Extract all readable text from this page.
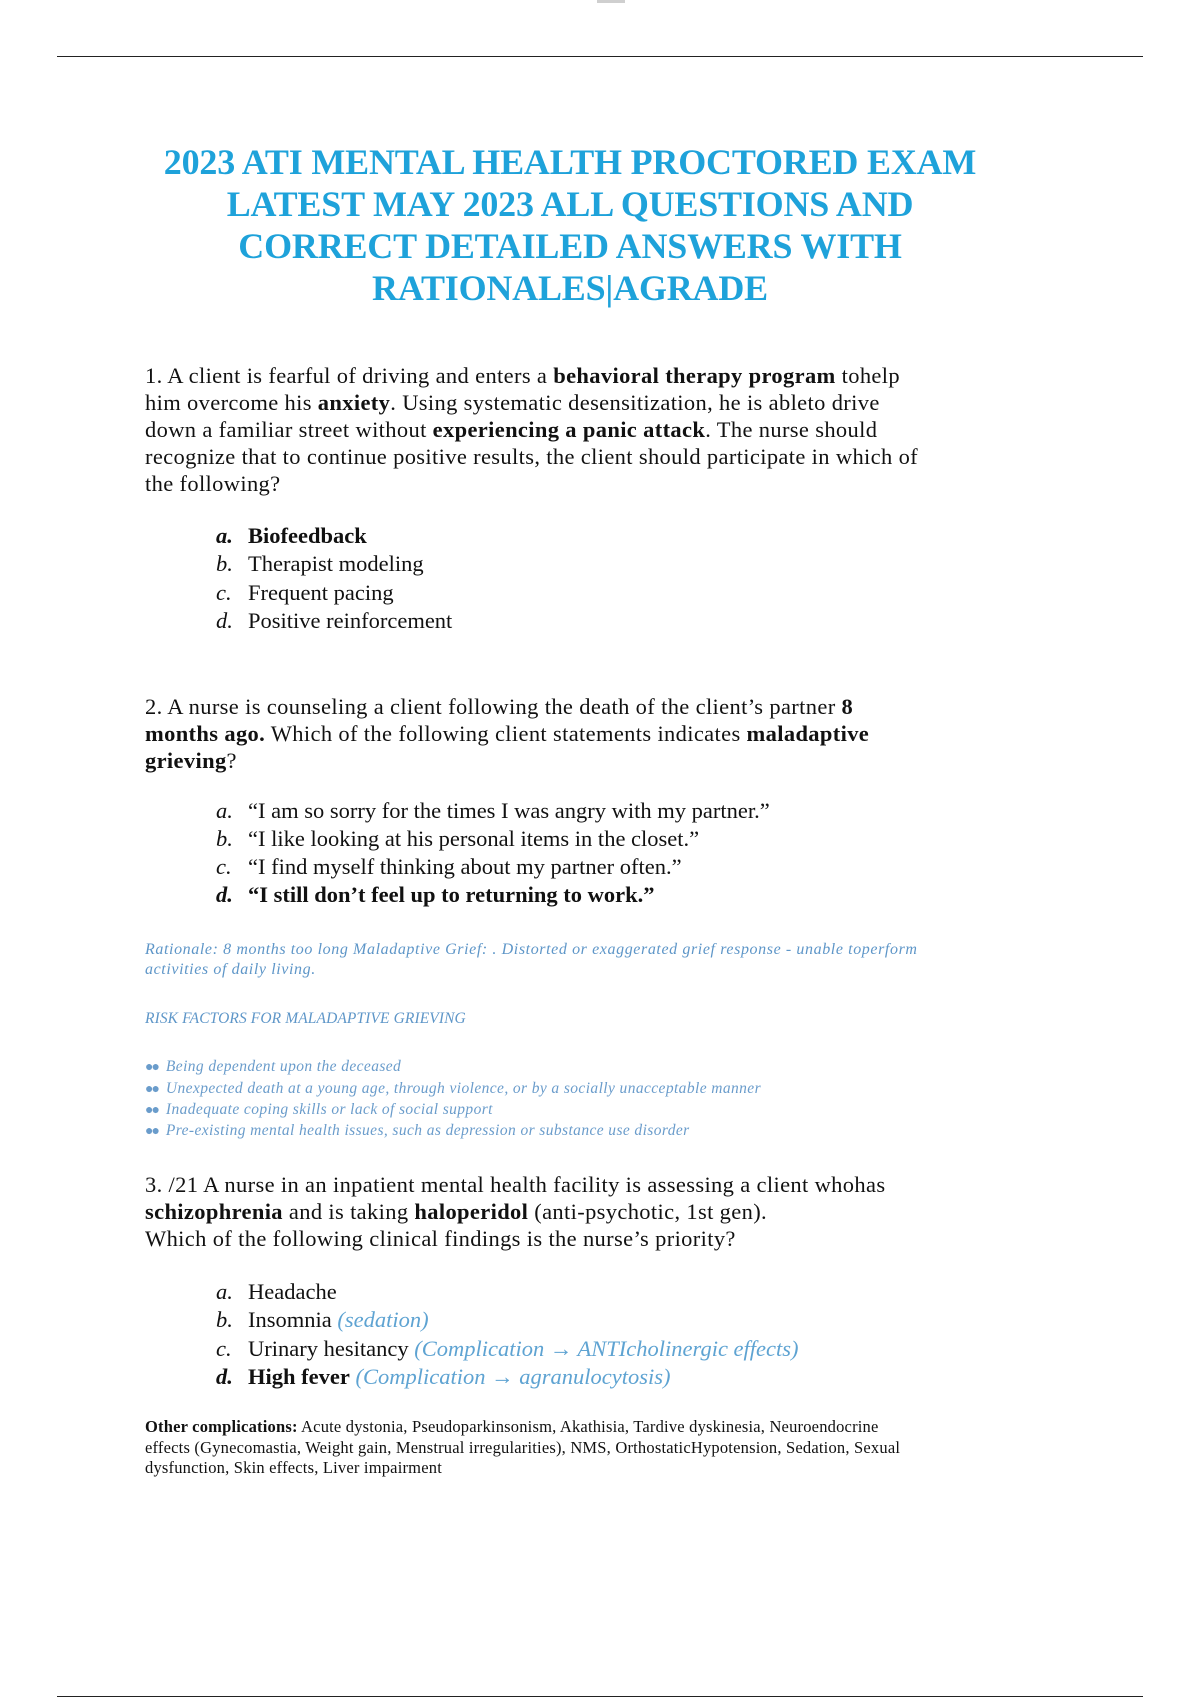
2023 ATI MENTAL HEALTH PROCTORED EXAM
LATEST MAY 2023 ALL QUESTIONS AND
CORRECT DETAILED ANSWERS WITH
RATIONALES|AGRADE
1. A client is fearful of driving and enters a behavioral therapy program tohelp
him overcome his anxiety. Using systematic desensitization, he is ableto drive
down a familiar street without experiencing a panic attack. The nurse should
recognize that to continue positive results, the client should participate in which of
the following?
a. Biofeedback
b. Therapist modeling
c. Frequent pacing
d. Positive reinforcement
2. A nurse is counseling a client following the death of the client’s partner 8
months ago. Which of the following client statements indicates maladaptive
grieving?
a. “I am so sorry for the times I was angry with my partner.”
b. “I like looking at his personal items in the closet.”
c. “I find myself thinking about my partner often.”
d. “I still don’t feel up to returning to work.”
Rationale: 8 months too long Maladaptive Grief: . Distorted or exaggerated grief response - unable toperform
activities of daily living.
RISK FACTORS FOR MALADAPTIVE GRIEVING
●● Being dependent upon the deceased
●● Unexpected death at a young age, through violence, or by a socially unacceptable manner
●● Inadequate coping skills or lack of social support
●● Pre-existing mental health issues, such as depression or substance use disorder
3. /21 A nurse in an inpatient mental health facility is assessing a client whohas
schizophrenia and is taking haloperidol (anti-psychotic, 1st gen).
Which of the following clinical findings is the nurse’s priority?
a. Headache
b. Insomnia (sedation)
c. Urinary hesitancy (Complication → ANTIcholinergic effects)
d. High fever (Complication → agranulocytosis)
Other complications: Acute dystonia, Pseudoparkinsonism, Akathisia, Tardive dyskinesia, Neuroendocrine
effects (Gynecomastia, Weight gain, Menstrual irregularities), NMS, OrthostaticHypotension, Sedation, Sexual
dysfunction, Skin effects, Liver impairment
